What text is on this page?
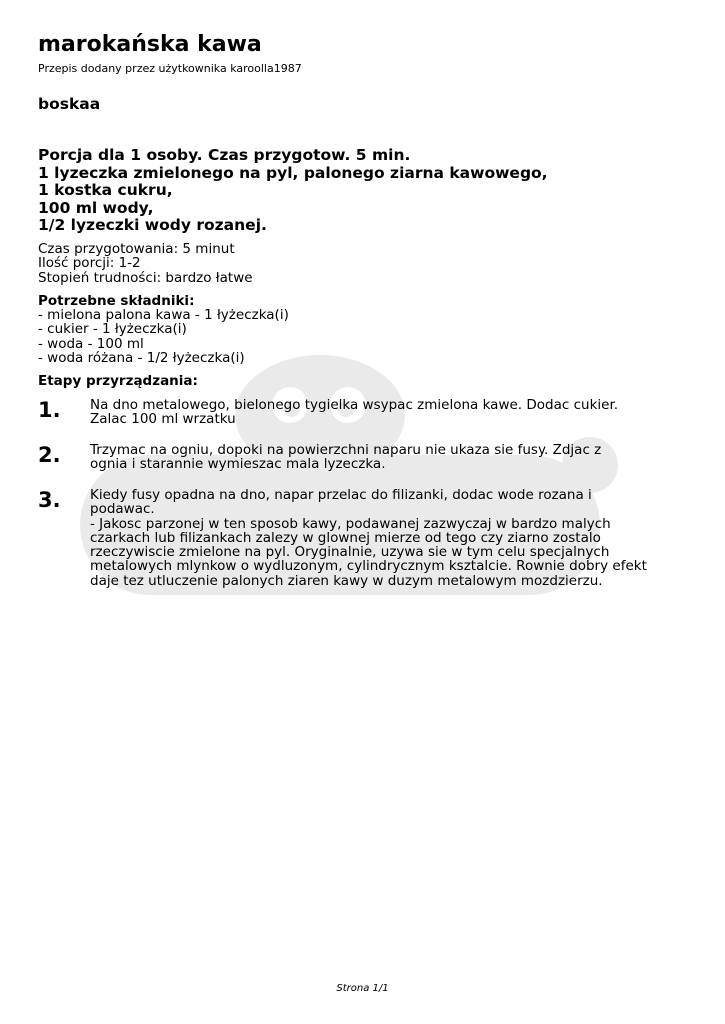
marokańska kawa
Przepis dodany przez użytkownika karoolla1987
boskaa
Porcja dla 1 osoby. Czas przygotow. 5 min.
1 lyzeczka zmielonego na pyl, palonego ziarna kawowego,
1 kostka cukru,
100 ml wody,
1/2 lyzeczki wody rozanej.
Czas przygotowania: 5 minut
Ilość porcji: 1-2
Stopień trudności: bardzo łatwe
Potrzebne składniki:
- mielona palona kawa - 1 łyżeczka(i)
- cukier - 1 łyżeczka(i)
- woda - 100 ml
- woda różana - 1/2 łyżeczka(i)
Etapy przyrządzania:
1. Na dno metalowego, bielonego tygielka wsypac zmielona kawe. Dodac cukier.
Zalac 100 ml wrzatku
2. Trzymac na ogniu, dopoki na powierzchni naparu nie ukaza sie fusy. Zdjac z
ognia i starannie wymieszac mala lyzeczka.
3. Kiedy fusy opadna na dno, napar przelac do filizanki, dodac wode rozana i
podawac.
- Jakosc parzonej w ten sposob kawy, podawanej zazwyczaj w bardzo malych
czarkach lub filizankach zalezy w glownej mierze od tego czy ziarno zostalo
rzeczywiscie zmielone na pyl. Oryginalnie, uzywa sie w tym celu specjalnych
metalowych mlynkow o wydluzonym, cylindrycznym ksztalcie. Rownie dobry efekt
daje tez utluczenie palonych ziaren kawy w duzym metalowym mozdzierzu.
Strona 1/1
